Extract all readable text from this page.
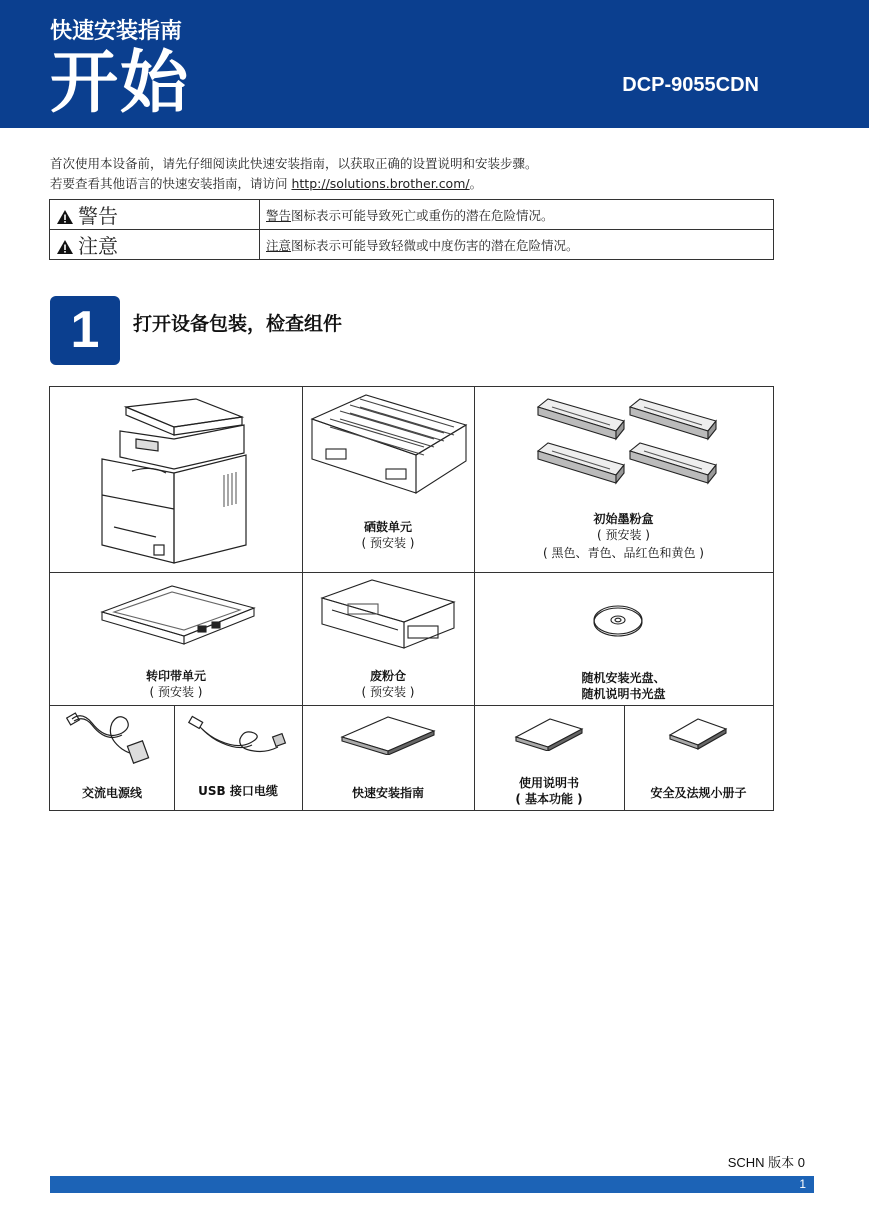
快速安装指南
开始	DCP-9055CDN
首次使用本设备前，请先仔细阅读此快速安装指南，以获取正确的设置说明和安装步骤。
若要查看其他语言的快速安装指南，请访问 http://solutions.brother.com/。
警告	警告图标表示可能导致死亡或重伤的潜在危险情况。
注意	注意图标表示可能导致轻微或中度伤害的潜在危险情况。
1	打开设备包装，检查组件
硒鼓单元
( 预安装 )
初始墨粉盒
( 预安装 )
( 黑色、青色、品红色和黄色 )
转印带单元
( 预安装 )
废粉仓
( 预安装 )
随机安装光盘、
随机说明书光盘
交流电源线	USB 接口电缆	快速安装指南
使用说明书
( 基本功能 )	安全及法规小册子
SCHN 版本 0
1
